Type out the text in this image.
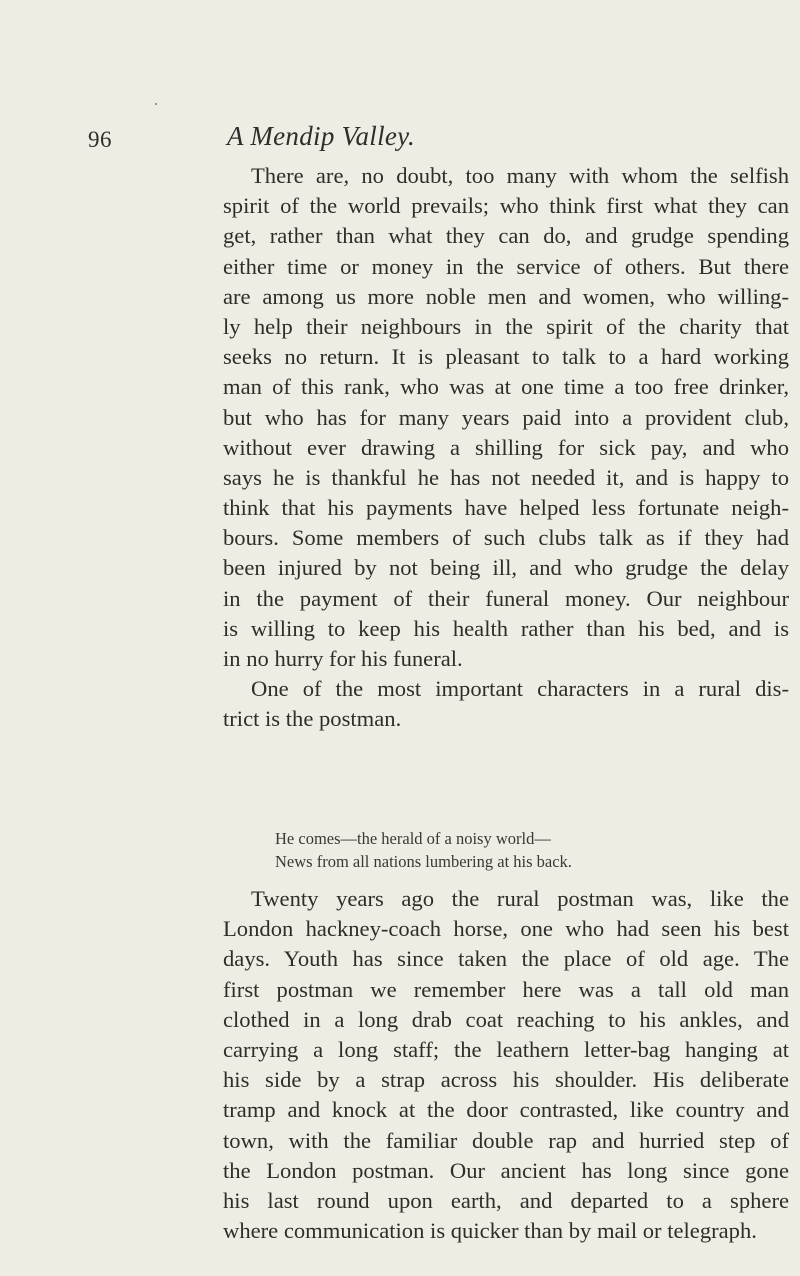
96	A Mendip Valley.
There are, no doubt, too many with whom the selfish
spirit of the world prevails; who think first what they can
get, rather than what they can do, and grudge spending
either time or money in the service of others. But there
are among us more noble men and women, who willing-
ly help their neighbours in the spirit of the charity that
seeks no return. It is pleasant to talk to a hard working
man of this rank, who was at one time a too free drinker,
but who has for many years paid into a provident club,
without ever drawing a shilling for sick pay, and who
says he is thankful he has not needed it, and is happy to
think that his payments have helped less fortunate neigh-
bours. Some members of such clubs talk as if they had
been injured by not being ill, and who grudge the delay
in the payment of their funeral money. Our neighbour
is willing to keep his health rather than his bed, and is
in no hurry for his funeral.
One of the most important characters in a rural dis-
trict is the postman.
He comes—the herald of a noisy world—
News from all nations lumbering at his back.
Twenty years ago the rural postman was, like the
London hackney-coach horse, one who had seen his best
days. Youth has since taken the place of old age. The
first postman we remember here was a tall old man
clothed in a long drab coat reaching to his ankles, and
carrying a long staff; the leathern letter-bag hanging at
his side by a strap across his shoulder. His deliberate
tramp and knock at the door contrasted, like country and
town, with the familiar double rap and hurried step of
the London postman. Our ancient has long since gone
his last round upon earth, and departed to a sphere
where communication is quicker than by mail or telegraph.
